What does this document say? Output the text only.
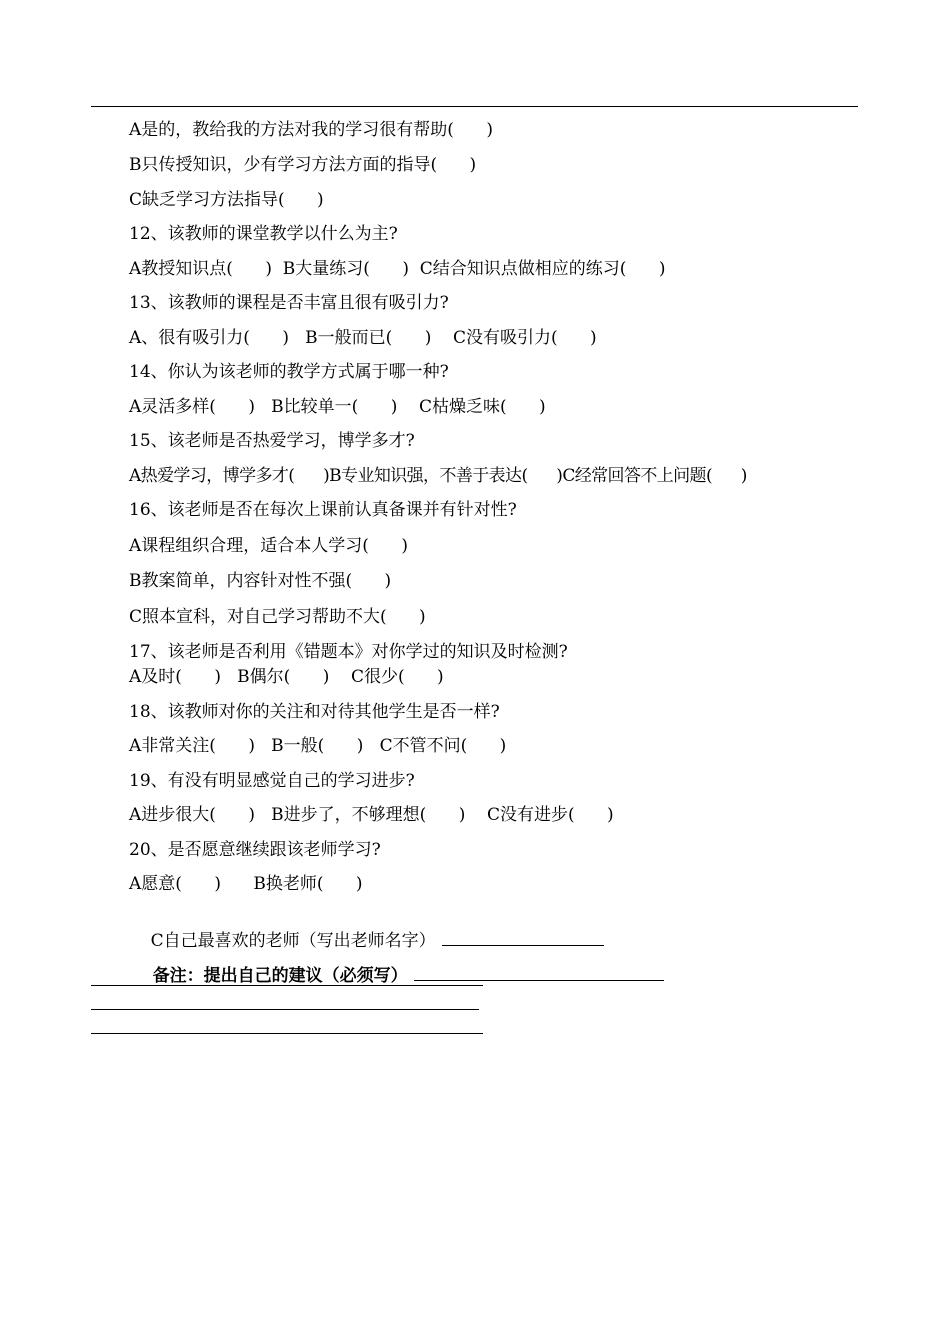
A是的，教给我的方法对我的学习很有帮助(      )
B只传授知识，少有学习方法方面的指导(      )
C缺乏学习方法指导(      )
12、该教师的课堂教学以什么为主?
A教授知识点(      )  B大量练习(      )  C结合知识点做相应的练习(      )
13、该教师的课程是否丰富且很有吸引力?
A、很有吸引力(      )   B一般而已(      )    C没有吸引力(      )
14、你认为该老师的教学方式属于哪一种?
A灵活多样(      )   B比较单一(      )    C枯燥乏味(      )
15、该老师是否热爱学习，博学多才?
A热爱学习，博学多才(      )B专业知识强，不善于表达(      )C经常回答不上问题(      )
16、该老师是否在每次上课前认真备课并有针对性?
A课程组织合理，适合本人学习(      )
B教案简单，内容针对性不强(      )
C照本宣科，对自己学习帮助不大(      )
17、该老师是否利用《错题本》对你学过的知识及时检测?
A及时(      )   B偶尔(      )    C很少(      )
18、该教师对你的关注和对待其他学生是否一样?
A非常关注(      )   B一般(      )   C不管不问(      )
19、有没有明显感觉自己的学习进步?
A进步很大(      )   B进步了，不够理想(      )    C没有进步(      )
20、是否愿意继续跟该老师学习?
A愿意(      )      B换老师(      )

C自己最喜欢的老师（写出老师名字）

备注：提出自己的建议（必须写）
